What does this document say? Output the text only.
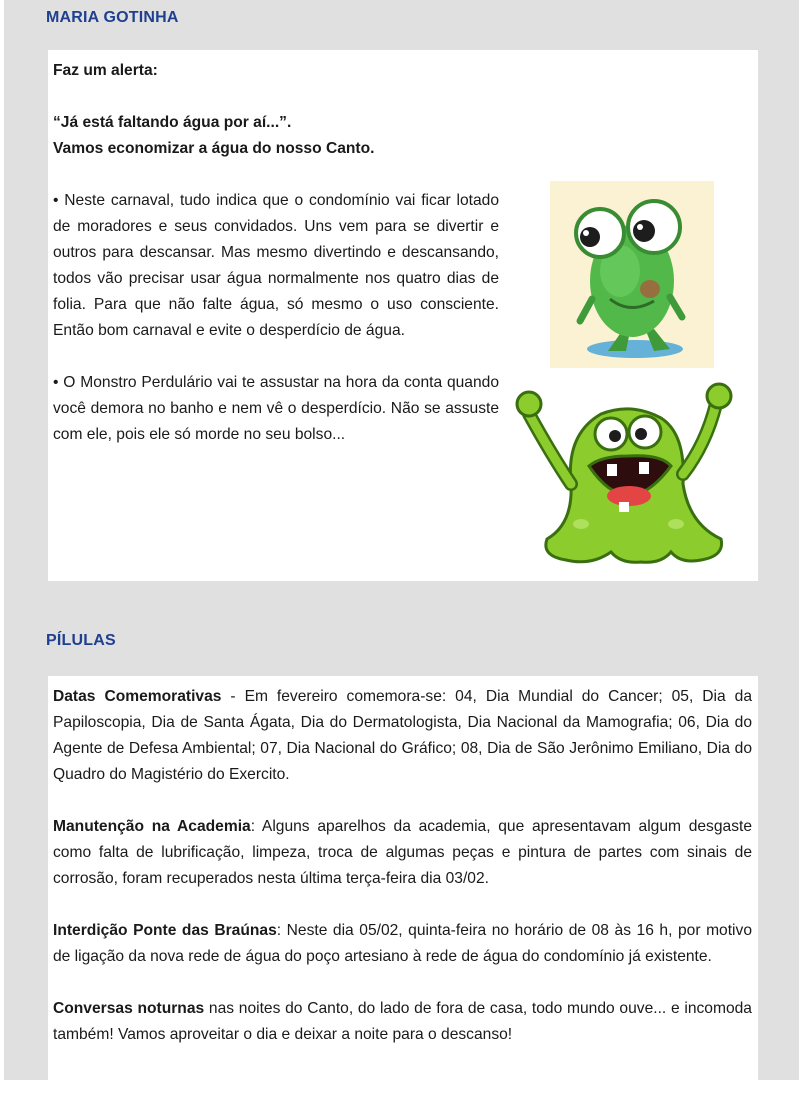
MARIA GOTINHA

Faz um alerta:

“Já está faltando água por aí...”.

Vamos economizar a água do nosso Canto.

• Neste carnaval, tudo indica que o condomínio vai ficar lotado de moradores e seus convidados. Uns vem para se divertir e outros para descansar. Mas mesmo divertindo e descansando, todos vão precisar usar água normalmente nos quatro dias de folia. Para que não falte água, só mesmo o uso consciente. Então bom carnaval e evite o desperdício de água.

• O Monstro Perdulário vai te assustar na hora da conta quando você demora no banho e nem vê o desperdício. Não se assuste com ele, pois ele só morde no seu bolso...

PÍLULAS

Datas Comemorativas - Em fevereiro comemora-se: 04, Dia Mundial do Cancer; 05, Dia da Papiloscopia, Dia de Santa Ágata, Dia do Dermatologista, Dia Nacional da Mamografia; 06, Dia do Agente de Defesa Ambiental; 07, Dia Nacional do Gráfico; 08, Dia de São Jerônimo Emiliano, Dia do Quadro do Magistério do Exercito.

Manutenção na Academia: Alguns aparelhos da academia, que apresentavam algum desgaste como falta de lubrificação, limpeza, troca de algumas peças e pintura de partes com sinais de corrosão, foram recuperados nesta última terça-feira dia 03/02.

Interdição Ponte das Braúnas: Neste dia 05/02, quinta-feira no horário de 08 às 16 h, por motivo de ligação da nova rede de água do poço artesiano à rede de água do condomínio já existente.

Conversas noturnas nas noites do Canto, do lado de fora de casa, todo mundo ouve... e incomoda também! Vamos aproveitar o dia e deixar a noite para o descanso!
